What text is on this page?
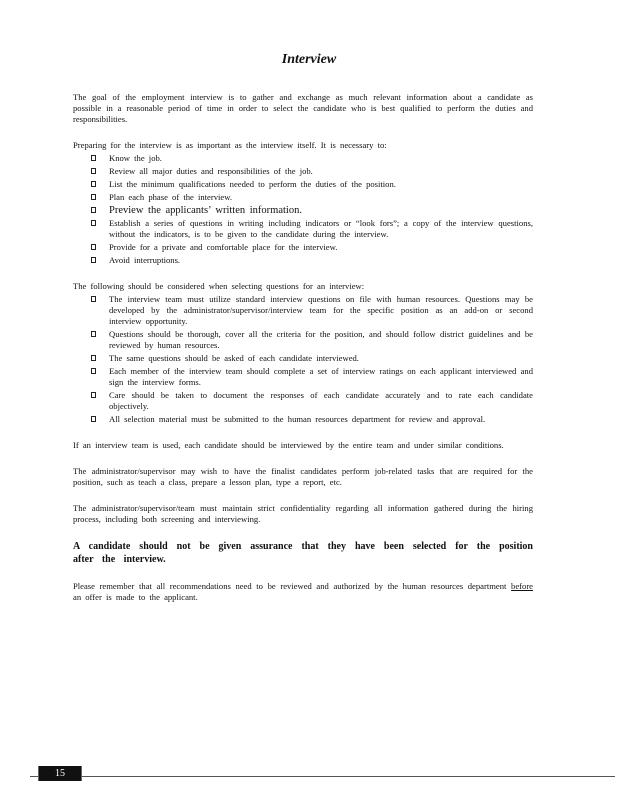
Interview

The goal of the employment interview is to gather and exchange as much relevant information about a candidate as possible in a reasonable period of time in order to select the candidate who is best qualified to perform the duties and responsibilities.

Preparing for the interview is as important as the interview itself. It is necessary to:

Know the job.
Review all major duties and responsibilities of the job.
List the minimum qualifications needed to perform the duties of the position.
Plan each phase of the interview.
Preview the applicants’ written information.
Establish a series of questions in writing including indicators or “look fors”; a copy of the interview questions, without the indicators, is to be given to the candidate during the interview.
Provide for a private and comfortable place for the interview.
Avoid interruptions.

The following should be considered when selecting questions for an interview:

The interview team must utilize standard interview questions on file with human resources. Questions may be developed by the administrator/supervisor/interview team for the specific position as an add-on or second interview opportunity.
Questions should be thorough, cover all the criteria for the position, and should follow district guidelines and be reviewed by human resources.
The same questions should be asked of each candidate interviewed.
Each member of the interview team should complete a set of interview ratings on each applicant interviewed and sign the interview forms.
Care should be taken to document the responses of each candidate accurately and to rate each candidate objectively.
All selection material must be submitted to the human resources department for review and approval.

If an interview team is used, each candidate should be interviewed by the entire team and under similar conditions.

The administrator/supervisor may wish to have the finalist candidates perform job-related tasks that are required for the position, such as teach a class, prepare a lesson plan, type a report, etc.

The administrator/supervisor/team must maintain strict confidentiality regarding all information gathered during the hiring process, including both screening and interviewing.

A candidate should not be given assurance that they have been selected for the position after the interview.

Please remember that all recommendations need to be reviewed and authorized by the human resources department before an offer is made to the applicant.

15
